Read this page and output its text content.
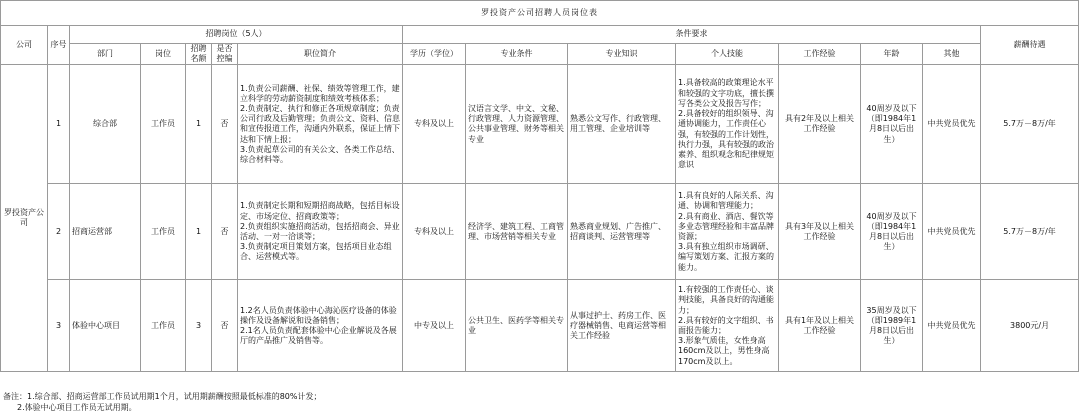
罗投资产公司招聘人员岗位表														
公司	序号	招聘岗位（5人）					条件要求							薪酬待遇
		部门	岗位	招聘名额	是否控编	职位简介	学历（学位）	专业条件	专业知识	个人技能	工作经验	年龄	其他	
罗投资产公司	1	综合部	工作员	1	否	1.负责公司薪酬、社保、绩效等管理工作，建立科学的劳动薪资制度和绩效考核体系；
2.负责制定、执行和修正各项规章制度；负责公司行政及后勤管理；负责公文、资料、信息和宣传报道工作，沟通内外联系，保证上情下达和下情上报；
3.负责起草公司的有关公文、各类工作总结、综合材料等。	专科及以上	汉语言文学、中文、文秘、行政管理、人力资源管理、公共事业管理、财务等相关专业	熟悉公文写作、行政管理、用工管理、企业培训等	1.具备较高的政策理论水平和较强的文字功底，擅长撰写各类公文及报告写作；
2.具备较好的组织领导、沟通协调能力，工作责任心强，有较强的工作计划性，执行力强，具有较强的政治素养、组织观念和纪律规矩意识	具有2年及以上相关工作经验	40周岁及以下（即1984年1月8日以后出生）	中共党员优先	5.7万－8万/年
	2	招商运营部	工作员	1	否	1.负责制定长期和短期招商战略，包括目标设定、市场定位、招商政策等；
2.负责组织实施招商活动，包括招商会、异业活动、一对一洽谈等；
3.负责制定项目策划方案，包括项目业态组合、运营模式等。	专科及以上	经济学、建筑工程、工商管理、市场营销等相关专业	熟悉商业规划、广告推广、招商谈判、运营管理等	1.具有良好的人际关系、沟通、协调和管理能力；
2.具有商业、酒店、餐饮等多业态管理经验和丰富品牌资源；
3.具有独立组织市场调研、编写策划方案、汇报方案的能力。	具有3年及以上相关工作经验	40周岁及以下（即1984年1月8日以后出生）	中共党员优先	5.7万－8万/年
	3	体验中心项目	工作员	3	否	1.2名人员负责体验中心海沁医疗设备的体验操作及设备解说和设备销售；
2.1名人员负责配套体验中心企业解说及各展厅的产品推广及销售等。	中专及以上	公共卫生、医药学等相关专业	从事过护士、药房工作、医疗器械销售、电商运营等相关工作经验	1.有较强的工作责任心、谈判技能，具备良好的沟通能力；
2.具有较好的文字组织、书面报告能力；
3.形象气质佳，女性身高160cm及以上，男性身高170cm及以上。	具有1年及以上相关工作经验	35周岁及以下（即1989年1月8日以后出生）	中共党员优先	3800元/月
备注：1.综合部、招商运营部工作员试用期1个月，试用期薪酬按照最低标准的80%计发；
2.体验中心项目工作员无试用期。
